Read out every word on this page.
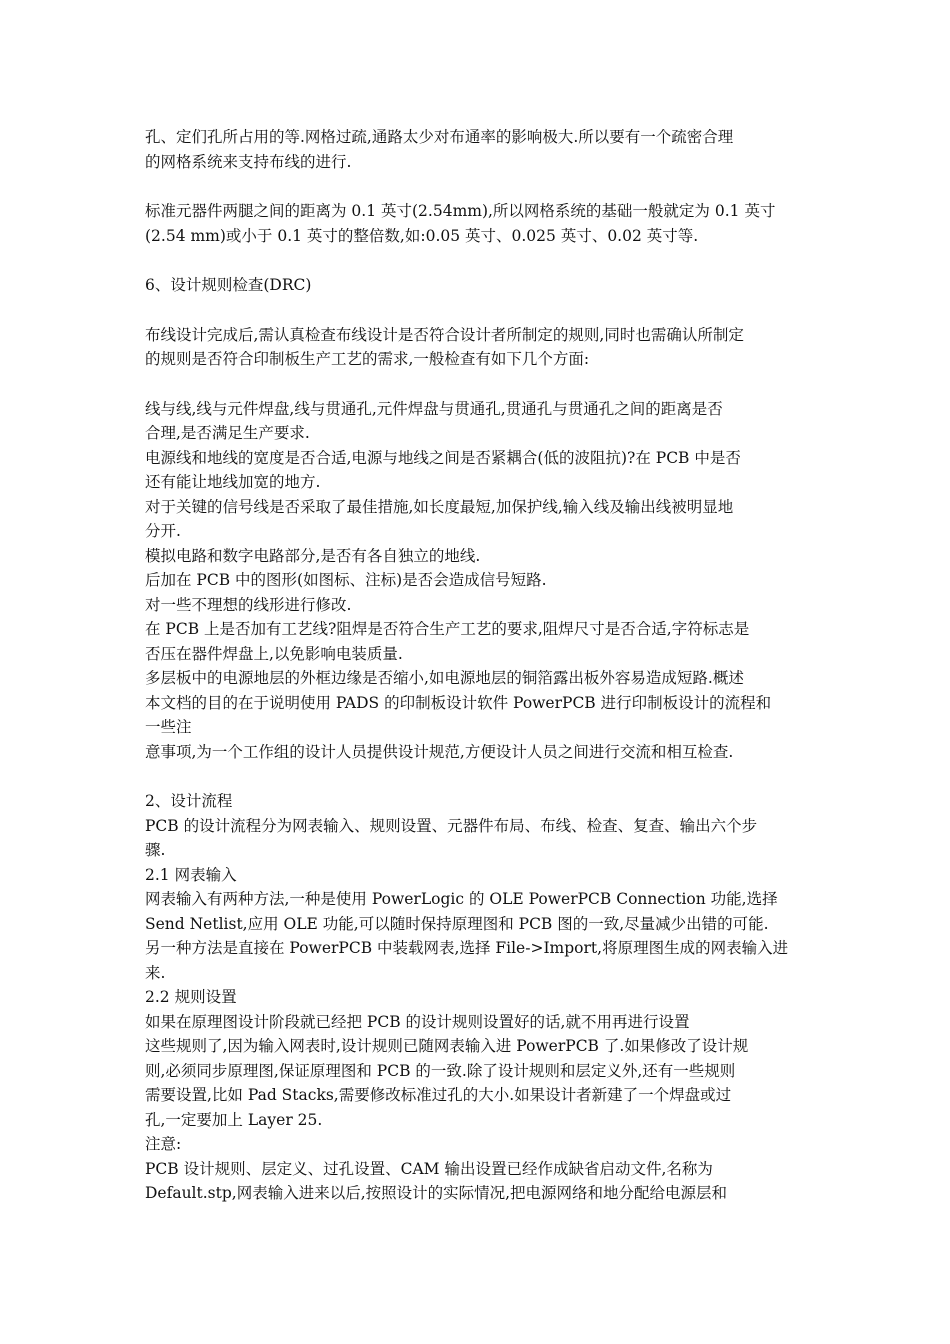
孔、定们孔所占用的等.网格过疏,通路太少对布通率的影响极大.所以要有一个疏密合理
的网格系统来支持布线的进行.
标准元器件两腿之间的距离为 0.1 英寸(2.54mm),所以网格系统的基础一般就定为 0.1 英寸
(2.54 mm)或小于 0.1 英寸的整倍数,如:0.05 英寸、0.025 英寸、0.02 英寸等.
6、设计规则检查(DRC)
布线设计完成后,需认真检查布线设计是否符合设计者所制定的规则,同时也需确认所制定
的规则是否符合印制板生产工艺的需求,一般检查有如下几个方面:
线与线,线与元件焊盘,线与贯通孔,元件焊盘与贯通孔,贯通孔与贯通孔之间的距离是否
合理,是否满足生产要求.
电源线和地线的宽度是否合适,电源与地线之间是否紧耦合(低的波阻抗)?在 PCB 中是否
还有能让地线加宽的地方.
对于关键的信号线是否采取了最佳措施,如长度最短,加保护线,输入线及输出线被明显地
分开.
模拟电路和数字电路部分,是否有各自独立的地线.
后加在 PCB 中的图形(如图标、注标)是否会造成信号短路.
对一些不理想的线形进行修改.
在 PCB 上是否加有工艺线?阻焊是否符合生产工艺的要求,阻焊尺寸是否合适,字符标志是
否压在器件焊盘上,以免影响电装质量.
多层板中的电源地层的外框边缘是否缩小,如电源地层的铜箔露出板外容易造成短路.概述
本文档的目的在于说明使用 PADS 的印制板设计软件 PowerPCB 进行印制板设计的流程和
一些注
意事项,为一个工作组的设计人员提供设计规范,方便设计人员之间进行交流和相互检查.
2、设计流程
PCB 的设计流程分为网表输入、规则设置、元器件布局、布线、检查、复查、输出六个步
骤.
2.1 网表输入
网表输入有两种方法,一种是使用 PowerLogic 的 OLE PowerPCB Connection 功能,选择
Send Netlist,应用 OLE 功能,可以随时保持原理图和 PCB 图的一致,尽量减少出错的可能.
另一种方法是直接在 PowerPCB 中装载网表,选择 File->Import,将原理图生成的网表输入进
来.
2.2 规则设置
如果在原理图设计阶段就已经把 PCB 的设计规则设置好的话,就不用再进行设置
这些规则了,因为输入网表时,设计规则已随网表输入进 PowerPCB 了.如果修改了设计规
则,必须同步原理图,保证原理图和 PCB 的一致.除了设计规则和层定义外,还有一些规则
需要设置,比如 Pad Stacks,需要修改标准过孔的大小.如果设计者新建了一个焊盘或过
孔,一定要加上 Layer 25.
注意:
PCB 设计规则、层定义、过孔设置、CAM 输出设置已经作成缺省启动文件,名称为
Default.stp,网表输入进来以后,按照设计的实际情况,把电源网络和地分配给电源层和
